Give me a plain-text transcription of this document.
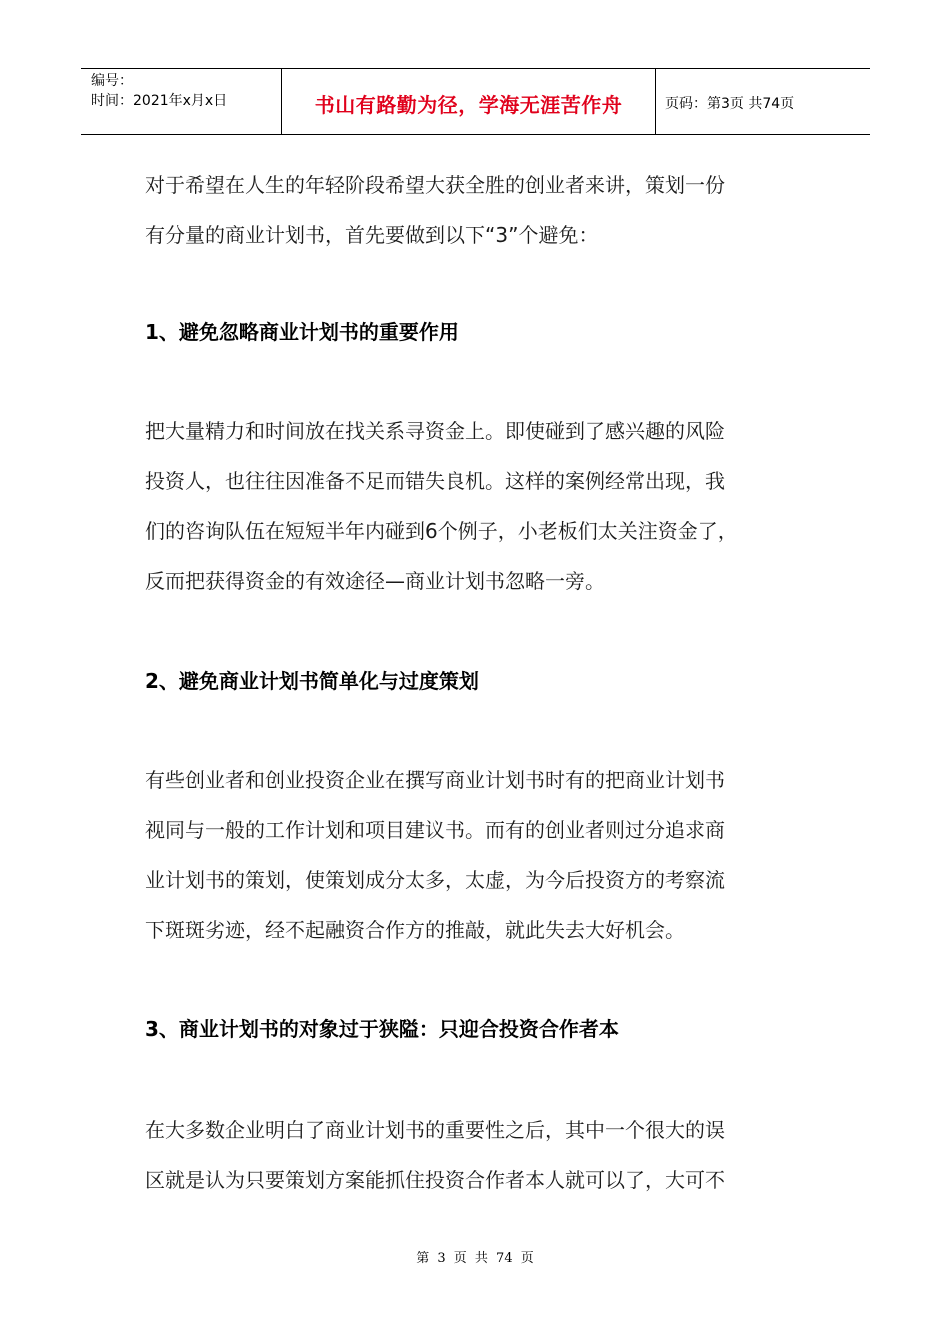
编号：
时间：2021年x月x日	书山有路勤为径，学海无涯苦作舟	页码：第3页 共74页

对于希望在人生的年轻阶段希望大获全胜的创业者来讲，策划一份
有分量的商业计划书，首先要做到以下“3”个避免：

1、避免忽略商业计划书的重要作用

把大量精力和时间放在找关系寻资金上。即使碰到了感兴趣的风险
投资人，也往往因准备不足而错失良机。这样的案例经常出现，我
们的咨询队伍在短短半年内碰到6个例子，小老板们太关注资金了，
反而把获得资金的有效途径—商业计划书忽略一旁。

2、避免商业计划书简单化与过度策划

有些创业者和创业投资企业在撰写商业计划书时有的把商业计划书
视同与一般的工作计划和项目建议书。而有的创业者则过分追求商
业计划书的策划，使策划成分太多，太虚，为今后投资方的考察流
下斑斑劣迹，经不起融资合作方的推敲，就此失去大好机会。

3、商业计划书的对象过于狭隘：只迎合投资合作者本

在大多数企业明白了商业计划书的重要性之后，其中一个很大的误
区就是认为只要策划方案能抓住投资合作者本人就可以了，大可不

第 3 页 共 74 页
